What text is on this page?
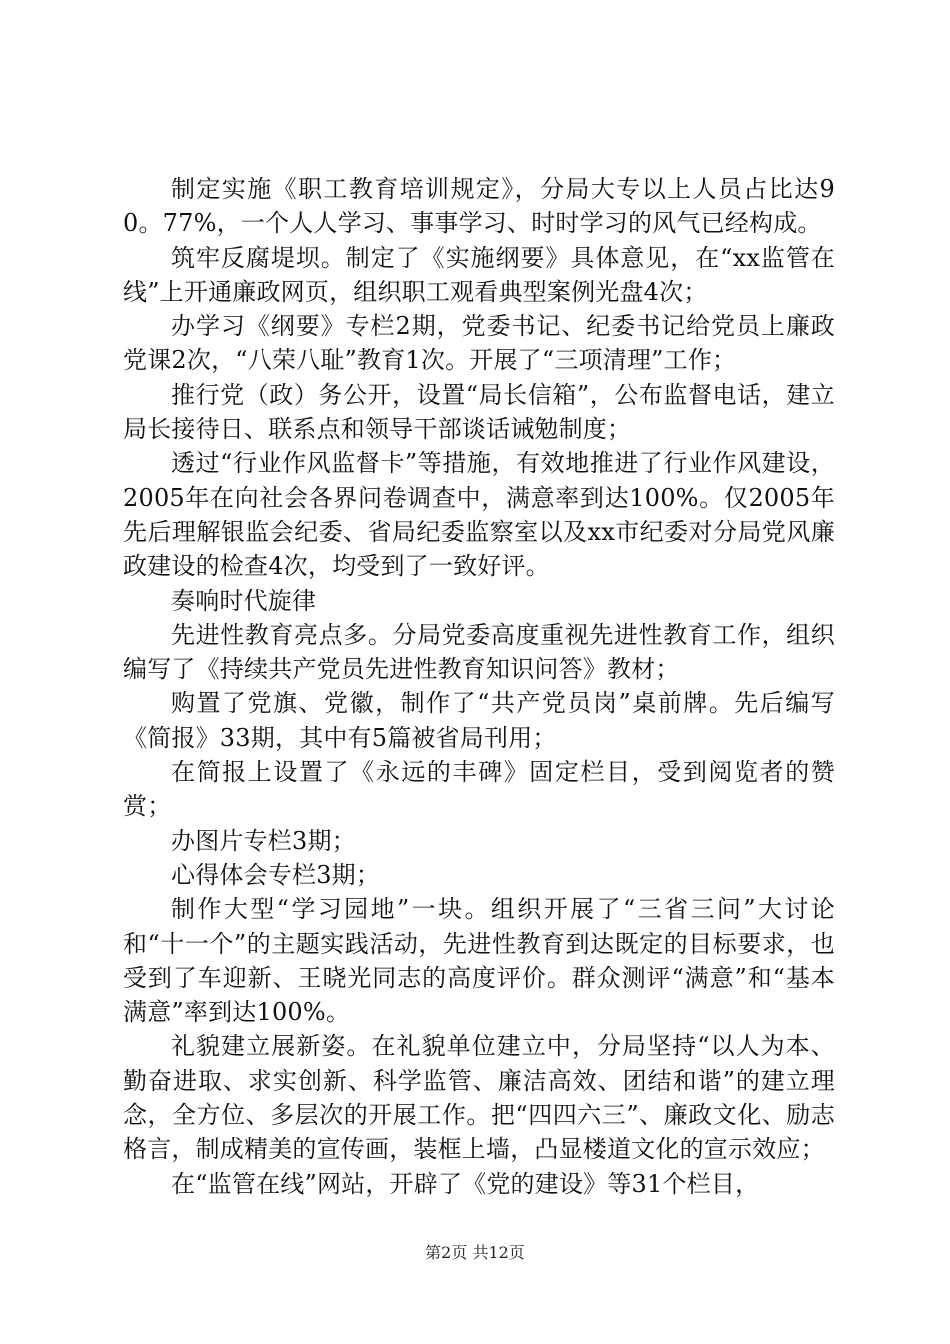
制定实施《职工教育培训规定》，分局大专以上人员占比达90。77%，一个人人学习、事事学习、时时学习的风气已经构成。

筑牢反腐堤坝。制定了《实施纲要》具体意见，在“xx监管在线”上开通廉政网页，组织职工观看典型案例光盘4次；

办学习《纲要》专栏2期，党委书记、纪委书记给党员上廉政党课2次，“八荣八耻”教育1次。开展了“三项清理”工作；

推行党（政）务公开，设置“局长信箱”，公布监督电话，建立局长接待日、联系点和领导干部谈话诫勉制度；

透过“行业作风监督卡”等措施，有效地推进了行业作风建设，2005年在向社会各界问卷调查中，满意率到达100%。仅2005年先后理解银监会纪委、省局纪委监察室以及xx市纪委对分局党风廉政建设的检查4次，均受到了一致好评。

奏响时代旋律

先进性教育亮点多。分局党委高度重视先进性教育工作，组织编写了《持续共产党员先进性教育知识问答》教材；

购置了党旗、党徽，制作了“共产党员岗”桌前牌。先后编写《简报》33期，其中有5篇被省局刊用；

在简报上设置了《永远的丰碑》固定栏目，受到阅览者的赞赏；

办图片专栏3期；

心得体会专栏3期；

制作大型“学习园地”一块。组织开展了“三省三问”大讨论和“十一个”的主题实践活动，先进性教育到达既定的目标要求，也受到了车迎新、王晓光同志的高度评价。群众测评“满意”和“基本满意”率到达100%。

礼貌建立展新姿。在礼貌单位建立中，分局坚持“以人为本、勤奋进取、求实创新、科学监管、廉洁高效、团结和谐”的建立理念，全方位、多层次的开展工作。把“四四六三”、廉政文化、励志格言，制成精美的宣传画，装框上墙，凸显楼道文化的宣示效应；

在“监管在线”网站，开辟了《党的建设》等31个栏目，

第2页 共12页
